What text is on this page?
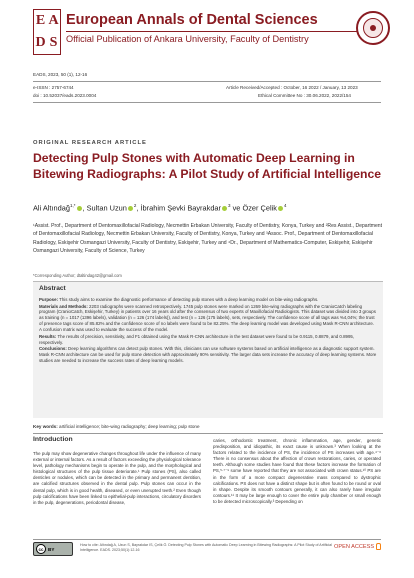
E A
D S
European Annals of Dental Sciences
Official Publication of Ankara University, Faculty of Dentistry
EADS, 2023, 50 (1), 12-16
e-ISSN : 2757-6744	Article Received/Accepted : October, 16 2022 / January, 13 2023
doi : 10.52037/eads.2023.0004	Ethical Committee No : 30.06.2022, 2022/154
ORIGINAL RESEARCH ARTICLE
Detecting Pulp Stones with Automatic Deep Learning in Bitewing Radiographs: A Pilot Study of Artificial Intelligence
Ali Altındağ$^{1,*}$ , Sultan Uzun $^2$, İbrahim Şevki Bayrakdar $^3$ ve Özer Çelik $^4$
¹Assist. Prof., Department of Dentomaxillofacial Radiology, Necmettin Erbakan University, Faculty of Dentistry, Konya, Turkey and ²Res Assist., Department of Dentomaxillofacial Radiology, Necmettin Erbakan University, Faculty of Dentistry, Konya, Turkey and ³Assoc. Prof., Department of Dentomaxillofacial Radiology, Eskişehir Osmangazi University, Faculty of Dentistry, Eskişehir, Turkey and ⁴Dr., Department of Mathematics-Computer, Eskişehir, Eskişehir Osmangazi University, Faculty of Science, Turkey
*Corresponding Author; dtaltindag42@gmail.com
Abstract

Purpose: This study aims to examine the diagnostic performance of detecting pulp stones with a deep learning model on bite-wing radiographs.

Materials and Methods: 2203 radiographs were scanned retrospectively. 1745 pulp stones were marked on 1269 bite-wing radiographs with the CranioCatch labeling program (CranioCatch, Eskişehir, Turkey) in patients over 16 years old after the consensus of two experts of Maxillofacial Radiologists. This dataset was divided into 3 groups as training (n = 1017 (1396 labels), validation (n = 126 (174 labels)), and test (n = 126 (175 labels), sets, respectively. The confidence score of all tags was %4,04%; the trust of presence tags score of 85.82% and the confidence score of no labels were found to be 82.25%. The deep learning model was developed using Mask R-CNN architecture. A confusion matrix was used to evaluate the success of the model.

Results: The results of precision, sensitivity, and F1 obtained using the Mask R-CNN architecture in the test dataset were found to be 0.9115, 0.8879, and 0.8995, respectively.

Conclusions: Deep learning algorithms can detect pulp stones. With this, clinicians can use software systems based on artificial intelligence as a diagnostic support system. Mask R-CNN architecture can be used for pulp stone detection with approximately 90% sensitivity. The larger data sets increase the accuracy of deep learning systems. More studies are needed to increase the success rates of deep learning models.

Key words: artificial intelligence; bite-wing radiography; deep learning; pulp stone
Introduction
The pulp may show degenerative changes throughout life under the influence of many external or internal factors. As a result of factors exceeding the physiological tolerance level, pathology mechanisms begin to operate in the pulp, and the morphological and histological structures of the pulp tissue deteriorate.¹ Pulp stones (PS), also called denticles or nodules, which can be detected in the primary and permanent dentition, are calcified structures observed in the dental pulp. Pulp stones can occur in the dental pulp, which is in good health, diseased, or even unerupted teeth.² Even though pulp calcifications have been linked to epithelial-pulp interactions, circulatory disorders in the pulp, degenerations, periodontal disease,
caries, orthodontic treatment, chronic inflammation, age, gender, genetic predisposition, and idiopathic, its exact cause is unknown.³ When looking at the factors related to the incidence of PS, the incidence of PS increases with age.⁴⁻⁶ There is no consensus about the affection of crown restorations, caries, or operated teeth. Although some studies have found that these factors increase the formation of PS,⁵·⁷⁻⁹ some have reported that they are not associated with crown status.¹⁰ PS are in the form of a more compact degenerative mass compared to dystrophic calcifications. PS does not have a distinct shape but is often found to be round or oval in shape. Despite its smooth contours generally, it can also rarely have irregular contours.¹¹ It may be large enough to cover the entire pulp chamber or small enough to be detected microscopically.³ Depending on
cc BY
How to cite: Altındağ A, Uzun S, Bayrakdar IS, Çelik Ö. Detecting Pulp Stones with Automatic Deep Learning in Bitewing Radiographs: A Pilot Study of Artificial Intelligence. EADS. 2023;50(1):12-16
OPEN ACCESS
